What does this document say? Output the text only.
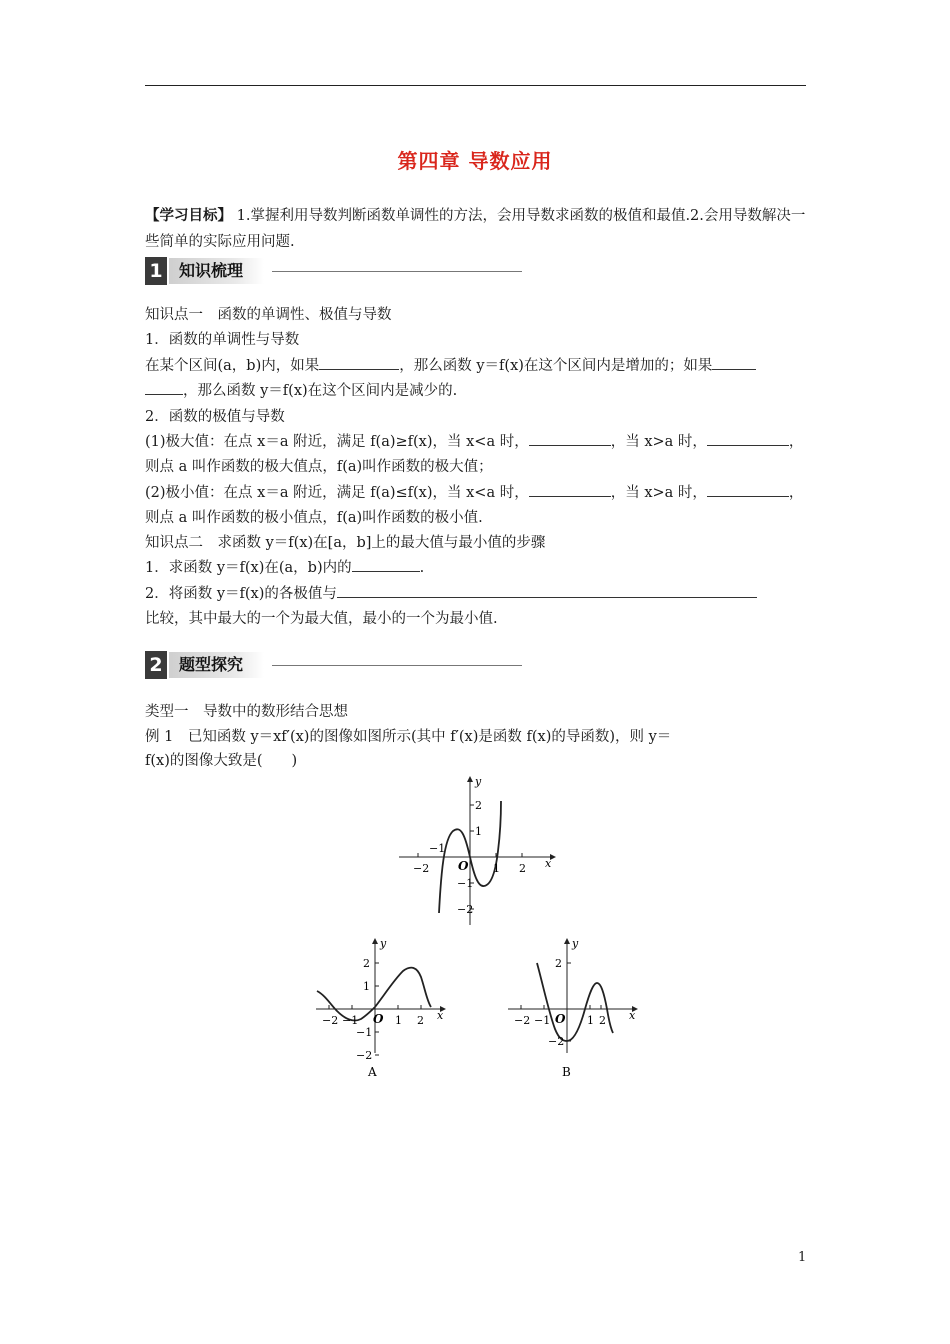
第四章 导数应用
【学习目标】 1.掌握利用导数判断函数单调性的方法，会用导数求函数的极值和最值.2.会用导数解决一些简单的实际应用问题.
1 知识梳理
知识点一　函数的单调性、极值与导数
1．函数的单调性与导数
在某个区间(a，b)内，如果	，那么函数 y＝f(x)在这个区间内是增加的；如果
，那么函数 y＝f(x)在这个区间内是减少的.
2．函数的极值与导数
(1)极大值：在点 x＝a 附近，满足 f(a)≥f(x)，当 x<a 时，	，当 x>a 时，	，
则点 a 叫作函数的极大值点，f(a)叫作函数的极大值；
(2)极小值：在点 x＝a 附近，满足 f(a)≤f(x)，当 x<a 时，	，当 x>a 时，	，
则点 a 叫作函数的极小值点，f(a)叫作函数的极小值.
知识点二　求函数 y＝f(x)在[a，b]上的最大值与最小值的步骤
1．求函数 y＝f(x)在(a，b)内的	.
2．将函数 y＝f(x)的各极值与
比较，其中最大的一个为最大值，最小的一个为最小值.
2 题型探究
类型一　导数中的数形结合思想
例 1　已知函数 y＝xf′(x)的图像如图所示(其中 f′(x)是函数 f(x)的导函数)，则 y＝
f(x)的图像大致是(　　)
−2
−1
1 2
2
1
−1
−2
x
y
O
−2 −1	1 2
2
1
−1
−2
x
y
O
A
−2 −1	1 2
2
−2
x
y
O
B
1
